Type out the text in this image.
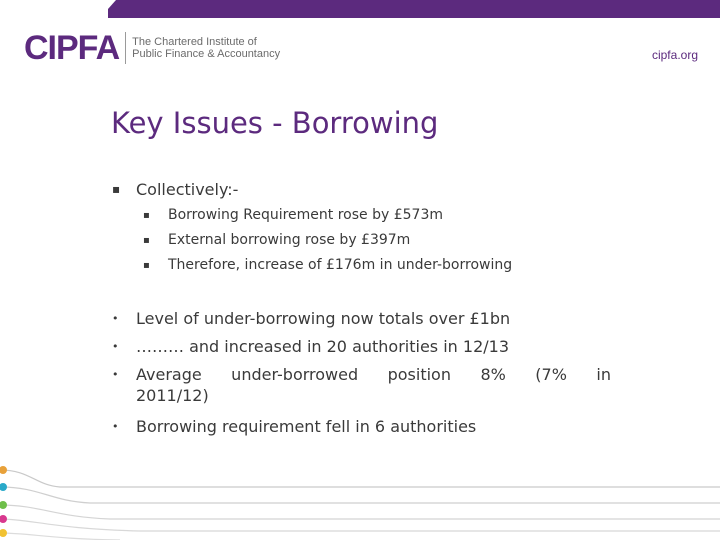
CIPFA The Chartered Institute of
Public Finance & Accountancy	cipfa.org
Key Issues - Borrowing
▪ Collectively:-
▪	Borrowing Requirement rose by £573m
▪	External borrowing rose by £397m
▪	Therefore, increase of £176m in under-borrowing
•	Level of under-borrowing now totals over £1bn
•	……… and increased in 20 authorities in 12/13
•	Average under-borrowed position 8% (7% in
2011/12)
•	Borrowing requirement fell in 6 authorities
